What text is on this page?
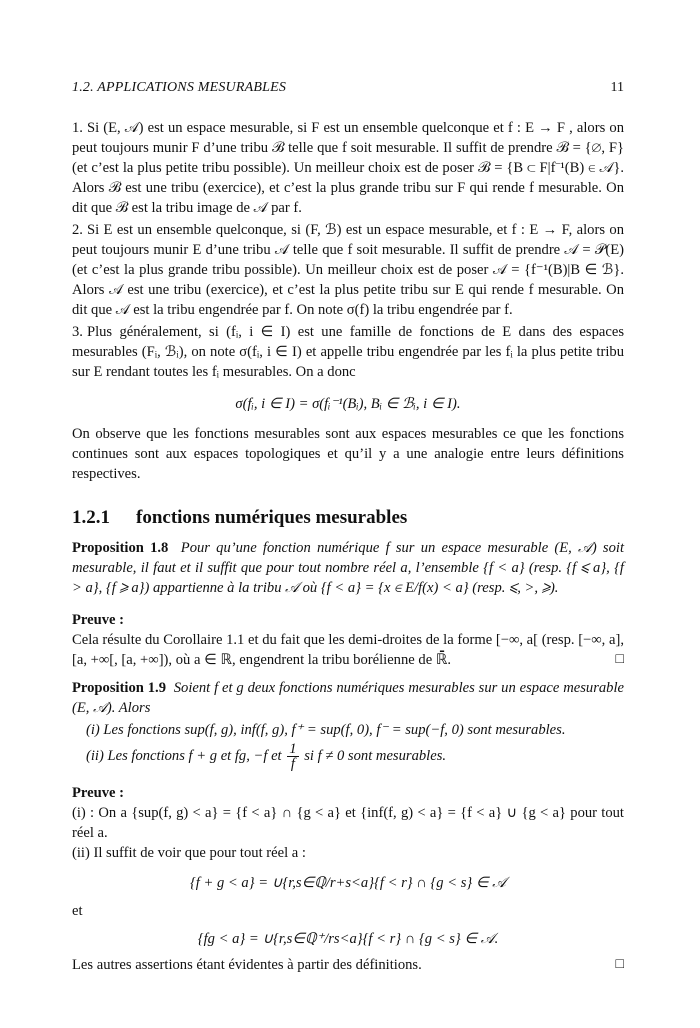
1.2. APPLICATIONS MESURABLES	11

1. Si (E, 𝒜) est un espace mesurable, si F est un ensemble quelconque et f : E → F , alors on peut toujours munir F d’une tribu ℬ telle que f soit mesurable. Il suffit de prendre ℬ = {∅, F} (et c’est la plus petite tribu possible). Un meilleur choix est de poser ℬ = {B ⊂ F|f⁻¹(B) ∈ 𝒜}. Alors ℬ est une tribu (exercice), et c’est la plus grande tribu sur F qui rende f mesurable. On dit que ℬ est la tribu image de 𝒜 par f.

2. Si E est un ensemble quelconque, si (F, ℬ) est un espace mesurable, et f : E → F, alors on peut toujours munir E d’une tribu 𝒜 telle que f soit mesurable. Il suffit de prendre 𝒜 = 𝒫(E) (et c’est la plus grande tribu possible). Un meilleur choix est de poser 𝒜 = {f⁻¹(B)|B ∈ ℬ}. Alors 𝒜 est une tribu (exercice), et c’est la plus petite tribu sur E qui rende f mesurable. On dit que 𝒜 est la tribu engendrée par f. On note σ(f) la tribu engendrée par f.

3. Plus généralement, si (fᵢ, i ∈ I) est une famille de fonctions de E dans des espaces mesurables (Fᵢ, ℬᵢ), on note σ(fᵢ, i ∈ I) et appelle tribu engendrée par les fᵢ la plus petite tribu sur E rendant toutes les fᵢ mesurables. On a donc

σ(fᵢ, i ∈ I) = σ(fᵢ⁻¹(Bᵢ), Bᵢ ∈ ℬᵢ, i ∈ I).

On observe que les fonctions mesurables sont aux espaces mesurables ce que les fonctions continues sont aux espaces topologiques et qu’il y a une analogie entre leurs définitions respectives.

1.2.1 fonctions numériques mesurables

Proposition 1.8 Pour qu’une fonction numérique f sur un espace mesurable (E, 𝒜) soit mesurable, il faut et il suffit que pour tout nombre réel a, l’ensemble {f < a} (resp. {f ⩽ a}, {f > a}, {f ⩾ a}) appartienne à la tribu 𝒜 où {f < a} = {x ∈ E/f(x) < a} (resp. ⩽, >, ⩾).

Preuve :

Cela résulte du Corollaire 1.1 et du fait que les demi-droites de la forme [−∞, a[ (resp. [−∞, a], [a, +∞[, [a, +∞]), où a ∈ ℝ, engendrent la tribu borélienne de ℝ̄.	□

Proposition 1.9 Soient f et g deux fonctions numériques mesurables sur un espace mesurable (E, 𝒜). Alors

(i) Les fonctions sup(f, g), inf(f, g), f⁺ = sup(f, 0), f⁻ = sup(−f, 0) sont mesurables.

(ii) Les fonctions f + g et fg, −f et $\frac{1}{f}$ si f ≠ 0 sont mesurables.

Preuve :

(i) : On a {sup(f, g) < a} = {f < a} ∩ {g < a} et {inf(f, g) < a} = {f < a} ∪ {g < a} pour tout réel a.

(ii) Il suffit de voir que pour tout réel a :

{f + g < a} = ∪{r,s∈ℚ/r+s<a}{f < r} ∩ {g < s} ∈ 𝒜

et

{fg < a} = ∪{r,s∈ℚ⁺/rs<a}{f < r} ∩ {g < s} ∈ 𝒜.

Les autres assertions étant évidentes à partir des définitions.	□
